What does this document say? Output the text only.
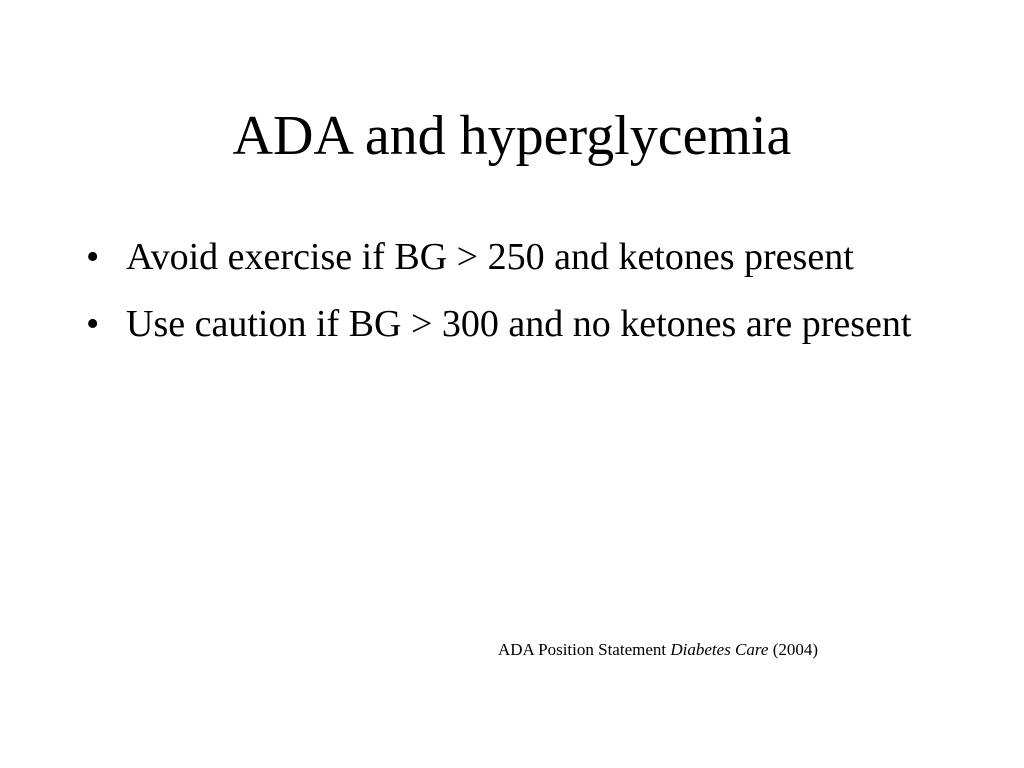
ADA and hyperglycemia
• Avoid exercise if BG > 250 and ketones present
• Use caution if BG > 300 and no ketones are present
ADA Position Statement Diabetes Care (2004)
